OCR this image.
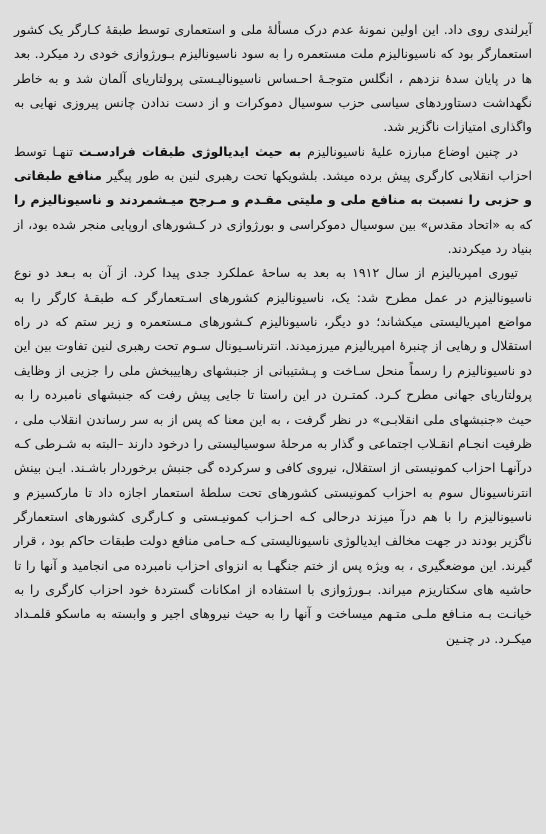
آیرلندی روی داد. این اولین نمونۀ عدم درک مسألۀ ملی و استعماری توسط طبقۀ کـارگر یک کشور استعمارگر بود که ناسیونالیزم ملت مستعمره را به سود ناسیونالیزم بـورژوازی خودی رد میکرد. بعد ها در پایان سدۀ نزدهم ، انگلس متوجـۀ احـساس ناسیونالیـستی پرولتاریای آلمان شد و به خاطر نگهداشت دستاوردهای سیاسی حزب سوسیال دموکرات و از دست ندادن چانس پیروزی نهایی به واگذاری امتیازات ناگزیر شد.

در چنین اوضاع مبارزه علیۀ ناسیونالیزم به حیث ایدیالوژی طبقات فرادسـت تنهـا توسط احزاب انقلابی کارگری پیش برده میشد. بلشویکها تحت رهبری لنین به طور پیگیر منافع طبقاتی و حزبی را نسبت به منافع ملی و ملیتی مقـدم و مـرجح میـشمردند و ناسیونالیزم را که به «اتحاد مقدس» بین سوسیال دموکراسی و بورژوازی در کـشورهای اروپایی منجر شده بود، از بنیاد رد میکردند.

تیوری امپریالیزم از سال ۱۹۱۲ به بعد به ساحۀ عملکرد جدی پیدا کرد. از آن به بـعد دو نوع ناسیونالیزم در عمل مطرح شد: یک، ناسیونالیزم کشورهای اسـتعمارگر کـه طبقـۀ کارگر را به مواضع امپریالیستی میکشاند؛ دو دیگر، ناسیونالیزم کـشورهای مـستعمره و زیر ستم که در راه استقلال و رهایی از چنبرۀ امپریالیزم میرزمیدند. انترناسـیونال سـوم تحت رهبری لنین تفاوت بین این دو ناسیونالیزم را رسماً منحل سـاخت و پـشتیبانی از جنبشهای رهاییبخش ملی را جزیی از وظایف پرولتاریای جهانی مطرح کـرد. کمتـرن در این راستا تا جایی پیش رفت که جنبشهای نامبرده را به حیث «جنبشهای ملی انقلابـی» در نظر گرفت ، به این معنا که پس از به سر رساندن انقلاب ملی ، ظرفیت انجـام انقـلاب اجتماعی و گذار به مرحلۀ سوسیالیستی را درخود دارند –البته به شـرطی کـه درآنهـا احزاب کمونیستی از استقلال، نیروی کافی و سرکرده گی جنبش برخوردار باشـند. ایـن بینش انترناسیونال سوم به احزاب کمونیستی کشورهای تحت سلطۀ استعمار اجازه داد تا مارکسیزم و ناسیونالیزم را با هم درآ میزند درحالی کـه احـزاب کمونیـستی و کـارگری کشورهای استعمارگر ناگزیر بودند در جهت مخالف ایدیالوژی ناسیونالیستی کـه حـامی منافع دولت طبقات حاکم بود ، قرار گیرند. این موضعگیری ، به ویژه پس از ختم جنگهـا به انزوای احزاب نامبرده می انجامید و آنها را تا حاشیه های سکتاریزم میراند. بـورژوازی با استفاده از امکانات گستردۀ خود احزاب کارگری را به خیانـت بـه منـافع ملـی متـهم میساخت و آنها را به حیث نیروهای اجیر و وابسته به ماسکو قلمـداد میکـرد. در چنـین
